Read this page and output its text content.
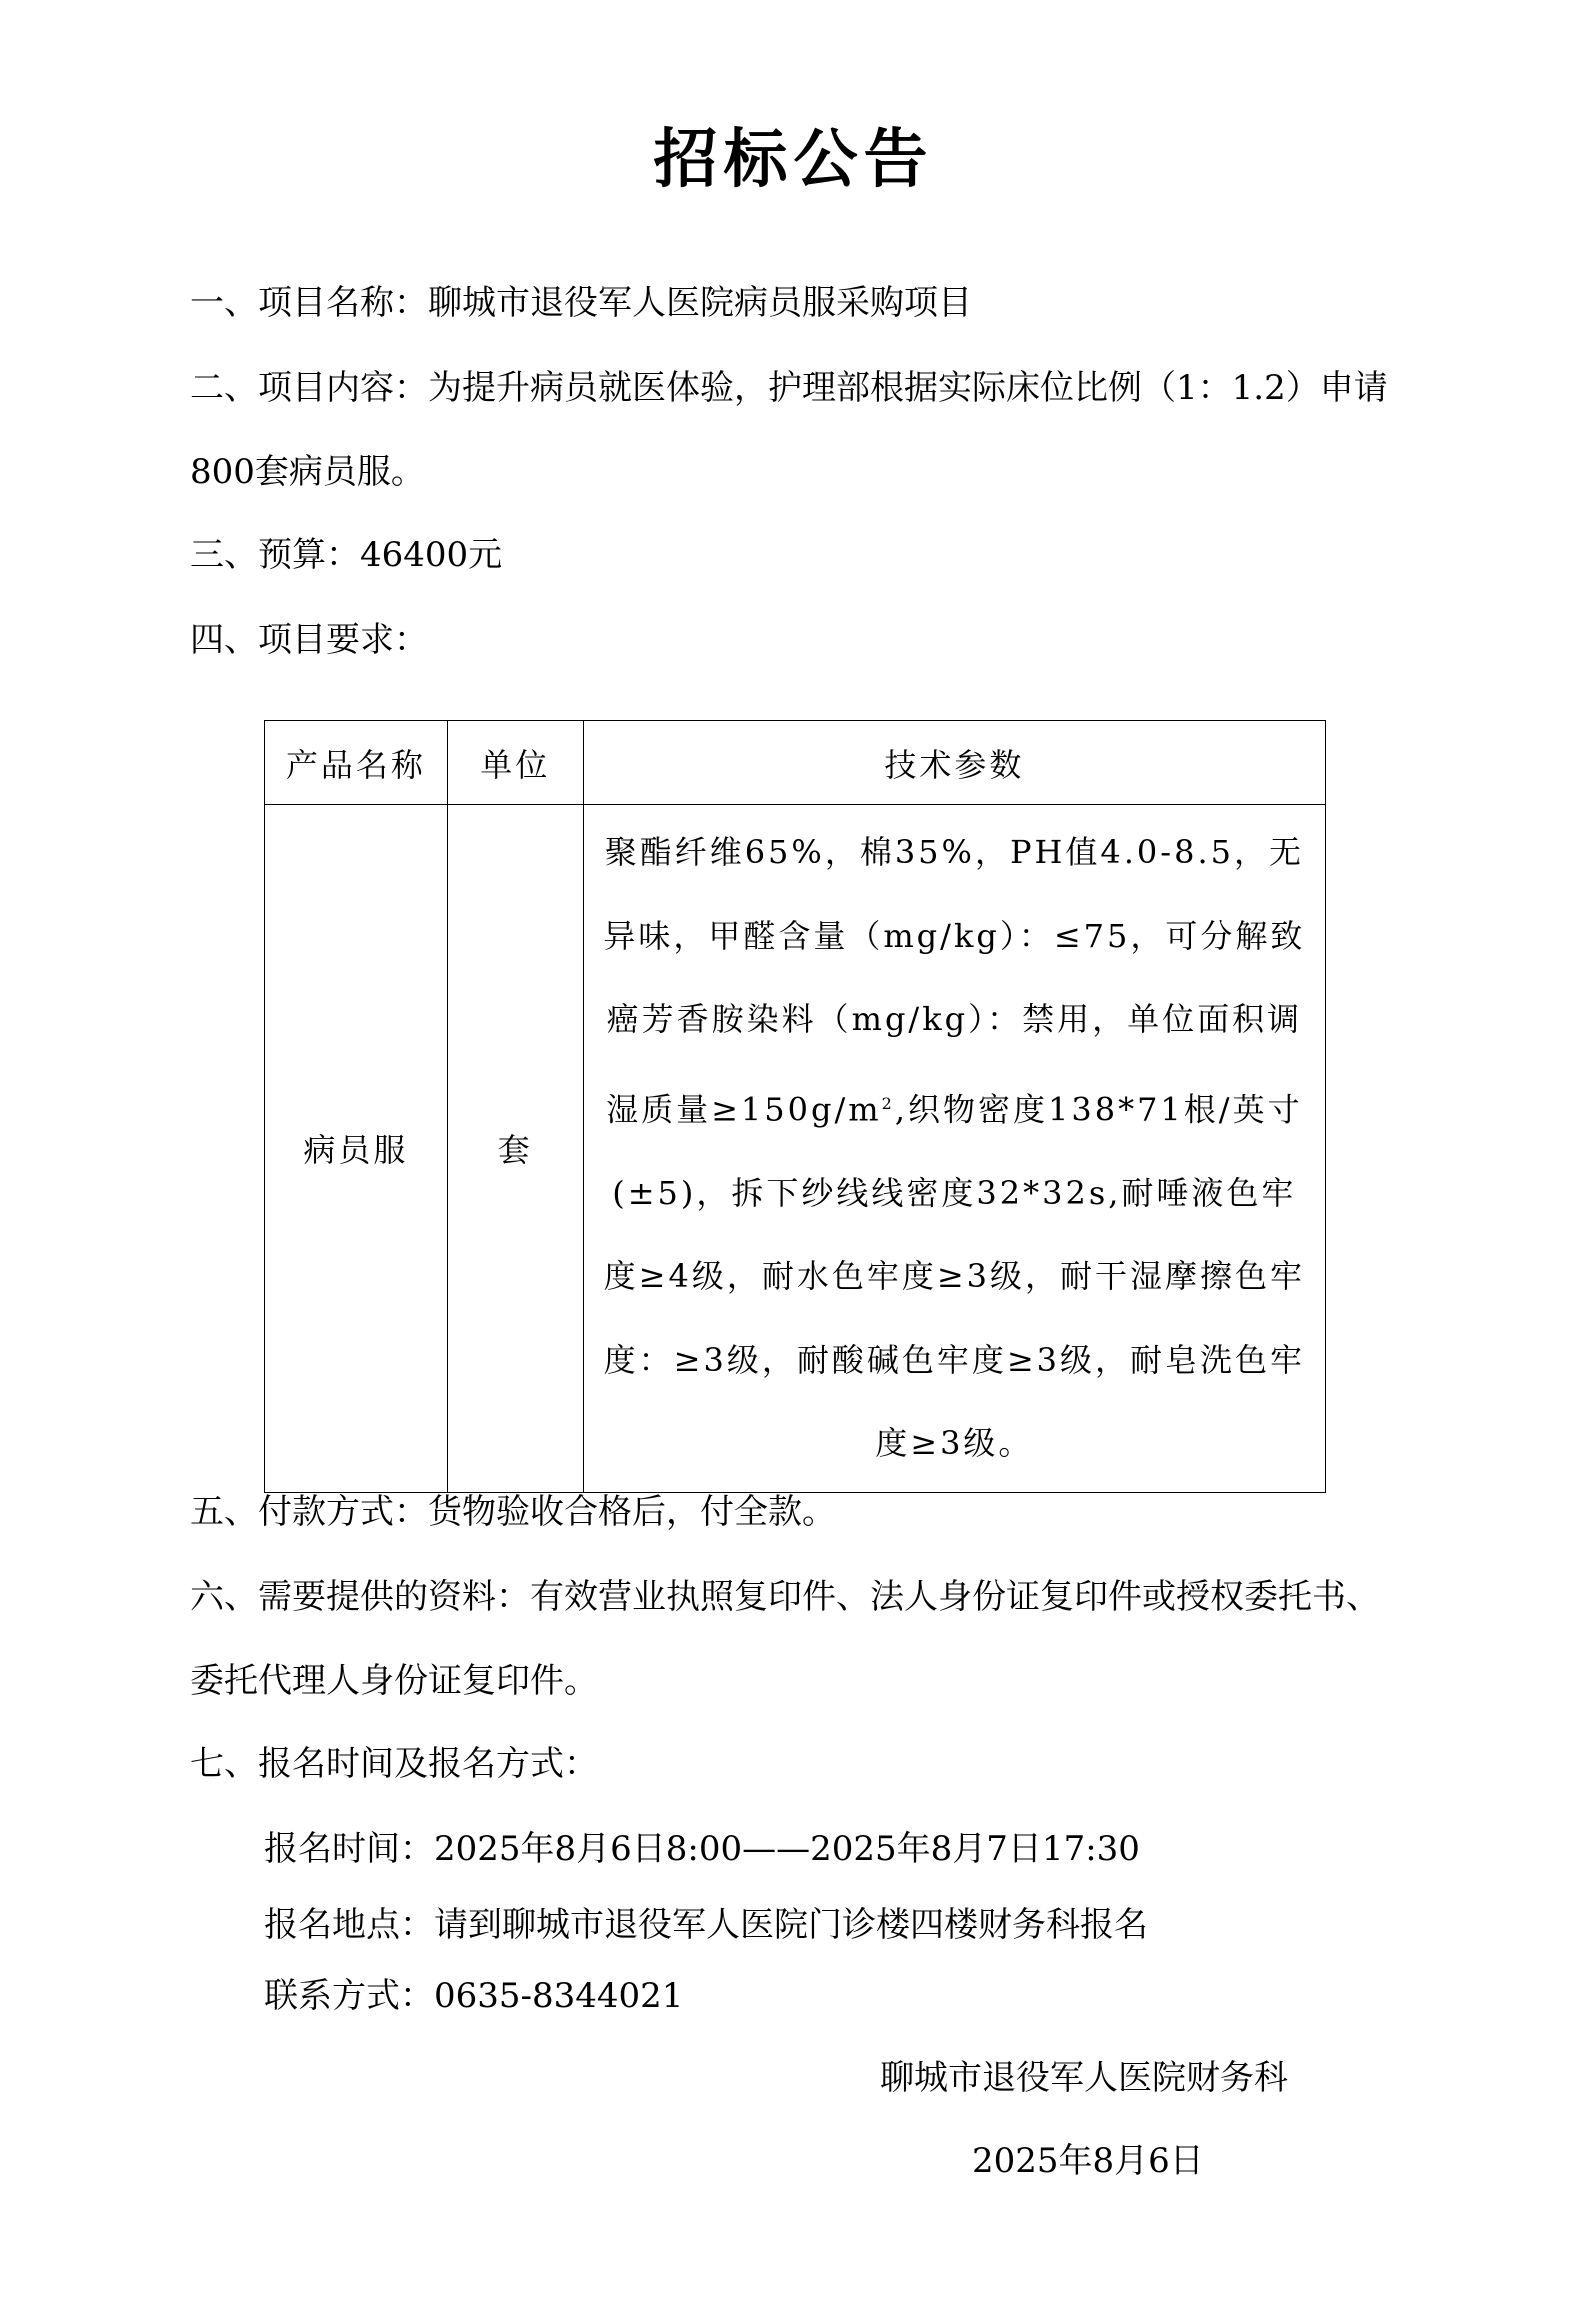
招标公告
一、项目名称：聊城市退役军人医院病员服采购项目
二、项目内容：为提升病员就医体验，护理部根据实际床位比例（1：1.2）申请800套病员服。
三、预算：46400元
四、项目要求：
产品名称	单位	技术参数
病员服	套	聚酯纤维65%，棉35%，PH值4.0-8.5，无异味，甲醛含量（mg/kg）：≤75，可分解致癌芳香胺染料（mg/kg）：禁用，单位面积调湿质量$\ge 150g/m^2$,织物密度138*71根/英寸(±5)，拆下纱线线密度32*32s,耐唾液色牢度≥4级，耐水色牢度≥3级，耐干湿摩擦色牢度：≥3级，耐酸碱色牢度≥3级，耐皂洗色牢度≥3级。
五、付款方式：货物验收合格后，付全款。
六、需要提供的资料：有效营业执照复印件、法人身份证复印件或授权委托书、委托代理人身份证复印件。
七、报名时间及报名方式：
报名时间：2025年8月6日8:00——2025年8月7日17:30
报名地点：请到聊城市退役军人医院门诊楼四楼财务科报名
联系方式：0635-8344021
聊城市退役军人医院财务科
2025年8月6日
